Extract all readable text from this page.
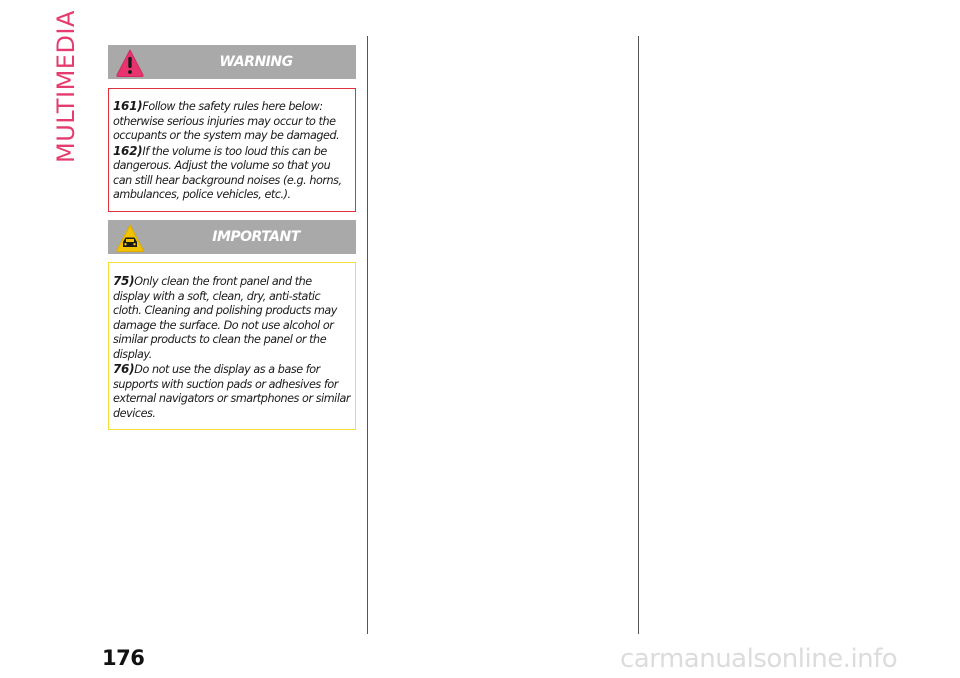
MULTIMEDIA	WARNING

161)Follow the safety rules here below: otherwise serious injuries may occur to the occupants or the system may be damaged.

162)If the volume is too loud this can be dangerous. Adjust the volume so that you can still hear background noises (e.g. horns, ambulances, police vehicles, etc.).

IMPORTANT

75)Only clean the front panel and the display with a soft, clean, dry, anti-static cloth. Cleaning and polishing products may damage the surface. Do not use alcohol or similar products to clean the panel or the display.

76)Do not use the display as a base for supports with suction pads or adhesives for external navigators or smartphones or similar devices.

176	carmanualsonline.info
